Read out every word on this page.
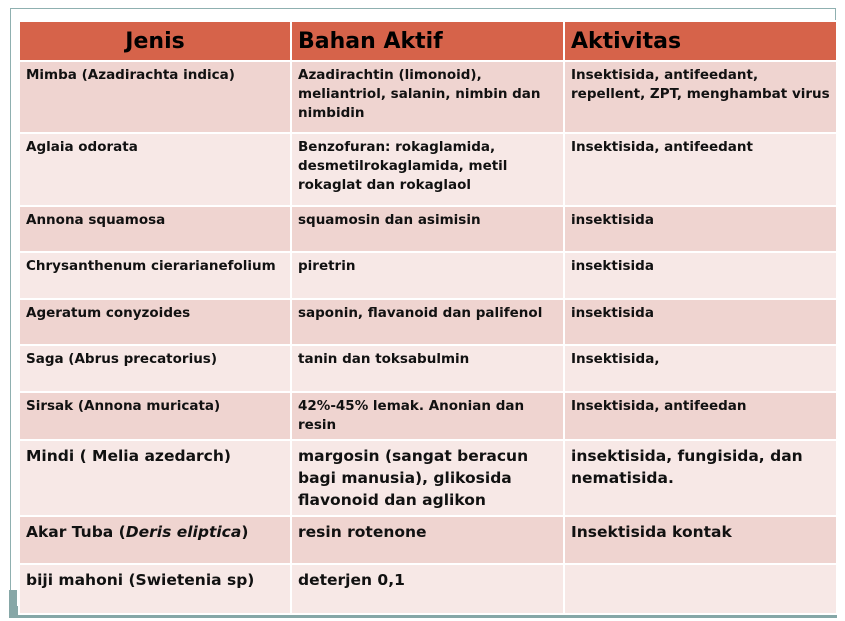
Jenis	Bahan Aktif	Aktivitas
Mimba (Azadirachta indica)	Azadirachtin (limonoid), meliantriol, salanin, nimbin dan nimbidin	Insektisida, antifeedant, repellent, ZPT, menghambat virus
Aglaia odorata	Benzofuran: rokaglamida, desmetilrokaglamida, metil rokaglat dan rokaglaol	Insektisida, antifeedant
Annona squamosa	squamosin dan asimisin	insektisida
Chrysanthenum cierarianefolium	piretrin	insektisida
Ageratum conyzoides	saponin, flavanoid dan palifenol	insektisida
Saga (Abrus precatorius)	tanin dan toksabulmin	Insektisida,
Sirsak (Annona muricata)	42%-45% lemak. Anonian dan resin	Insektisida, antifeedan
Mindi ( Melia azedarch)	margosin (sangat beracun bagi manusia), glikosida flavonoid dan aglikon	insektisida, fungisida, dan nematisida.
Akar Tuba (Deris eliptica)	resin rotenone	Insektisida kontak
biji mahoni (Swietenia sp)	deterjen 0,1	
